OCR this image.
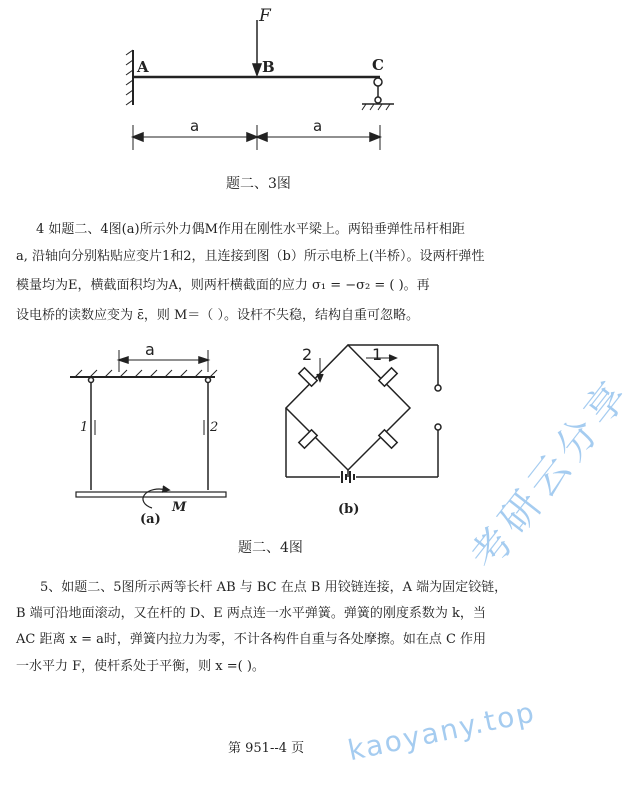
F
A	B	C
a	a
题二、3图
4 如题二、4图(a)所示外力偶M作用在刚性水平梁上。两铅垂弹性吊杆相距
a, 沿轴向分别粘贴应变片1和2，且连接到图（b）所示电桥上(半桥）。设两杆弹性
模量均为E，横截面积均为A，则两杆横截面的应力 σ₁ = −σ₂ = ( )。再
设电桥的读数应变为 ε̄，则 M＝（ ）。设杆不失稳，结构自重可忽略。
a
1	2
M
(a)
(b)
2	1
题二、4图
5、如题二、5图所示两等长杆 AB 与 BC 在点 B 用铰链连接，A 端为固定铰链，
B 端可沿地面滚动，又在杆的 D、E 两点连一水平弹簧。弹簧的刚度系数为 k，当
AC 距离 x = a时，弹簧内拉力为零，不计各构件自重与各处摩擦。如在点 C 作用
一水平力 F，使杆系处于平衡，则 x =( )。
第 951--4 页
考研云分享
kaoyany.top
